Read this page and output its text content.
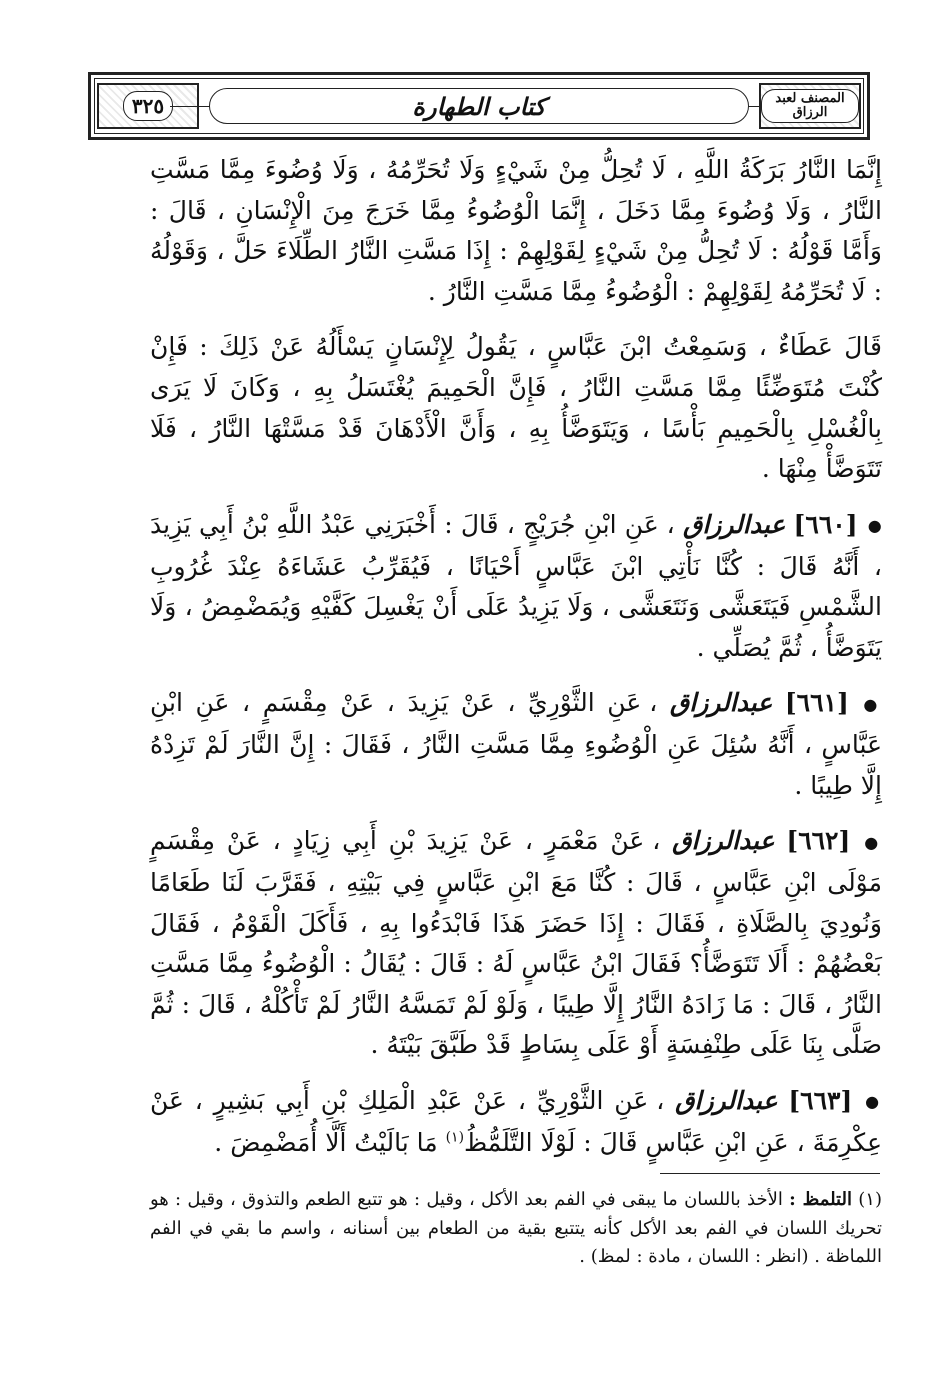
٣٢٥	كتاب الطهارة	المصنف لعبد الرزاق

إِنَّمَا النَّارُ بَرَكَةُ اللَّهِ ، لَا تُحِلُّ مِنْ شَيْءٍ وَلَا تُحَرِّمُهُ ، وَلَا وُضُوءَ مِمَّا مَسَّتِ النَّارُ ، وَلَا وُضُوءَ مِمَّا دَخَلَ ، إِنَّمَا الْوُضُوءُ مِمَّا خَرَجَ مِنَ الْإِنْسَانِ ، قَالَ : وَأَمَّا قَوْلُهُ : لَا تُحِلُّ مِنْ شَيْءٍ لِقَوْلِهِمْ : إِذَا مَسَّتِ النَّارُ الطِّلَاءَ حَلَّ ، وَقَوْلُهُ : لَا تُحَرِّمُهُ لِقَوْلِهِمْ : الْوُضُوءُ مِمَّا مَسَّتِ النَّارُ .

قَالَ عَطَاءٌ ، وَسَمِعْتُ ابْنَ عَبَّاسٍ ، يَقُولُ لِإِنْسَانٍ يَسْأَلُهُ عَنْ ذَلِكَ : فَإِنْ كُنْتَ مُتَوَضِّئًا مِمَّا مَسَّتِ النَّارُ ، فَإِنَّ الْحَمِيمَ يُغْتَسَلُ بِهِ ، وَكَانَ لَا يَرَى بِالْغُسْلِ بِالْحَمِيمِ بَأْسًا ، وَيَتَوَضَّأُ بِهِ ، وَأَنَّ الْأَدْهَانَ قَدْ مَسَّتْهَا النَّارُ ، فَلَا تَتَوَضَّأْ مِنْهَا .

● [٦٦٠] عبدالرزاق ، عَنِ ابْنِ جُرَيْجٍ ، قَالَ : أَخْبَرَنِي عَبْدُ اللَّهِ بْنُ أَبِي يَزِيدَ ، أَنَّهُ قَالَ : كُنَّا نَأْتِي ابْنَ عَبَّاسٍ أَحْيَانًا ، فَيُقَرِّبُ عَشَاءَهُ عِنْدَ غُرُوبِ الشَّمْسِ فَيَتَعَشَّى وَنَتَعَشَّى ، وَلَا يَزِيدُ عَلَى أَنْ يَغْسِلَ كَفَّيْهِ وَيُمَضْمِضُ ، وَلَا يَتَوَضَّأُ ، ثُمَّ يُصَلِّي .

● [٦٦١] عبدالرزاق ، عَنِ الثَّوْرِيِّ ، عَنْ يَزِيدَ ، عَنْ مِقْسَمٍ ، عَنِ ابْنِ عَبَّاسٍ ، أَنَّهُ سُئِلَ عَنِ الْوُضُوءِ مِمَّا مَسَّتِ النَّارُ ، فَقَالَ : إِنَّ النَّارَ لَمْ تَزِدْهُ إِلَّا طِيبًا .

● [٦٦٢] عبدالرزاق ، عَنْ مَعْمَرٍ ، عَنْ يَزِيدَ بْنِ أَبِي زِيَادٍ ، عَنْ مِقْسَمٍ مَوْلَى ابْنِ عَبَّاسٍ ، قَالَ : كُنَّا مَعَ ابْنِ عَبَّاسٍ فِي بَيْتِهِ ، فَقَرَّبَ لَنَا طَعَامًا وَنُودِيَ بِالصَّلَاةِ ، فَقَالَ : إِذَا حَضَرَ هَذَا فَابْدَءُوا بِهِ ، فَأَكَلَ الْقَوْمُ ، فَقَالَ بَعْضُهُمْ : أَلَا تَتَوَضَّأُ؟ فَقَالَ ابْنُ عَبَّاسٍ لَهُ : قَالَ : يُقَالُ : الْوُضُوءُ مِمَّا مَسَّتِ النَّارُ ، قَالَ : مَا زَادَهُ النَّارُ إِلَّا طِيبًا ، وَلَوْ لَمْ تَمَسَّهُ النَّارُ لَمْ تَأْكُلْهُ ، قَالَ : ثُمَّ صَلَّى بِنَا عَلَى طِنْفِسَةٍ أَوْ عَلَى بِسَاطٍ قَدْ طَبَّقَ بَيْتَهُ .

● [٦٦٣] عبدالرزاق ، عَنِ الثَّوْرِيِّ ، عَنْ عَبْدِ الْمَلِكِ بْنِ أَبِي بَشِيرٍ ، عَنْ عِكْرِمَةَ ، عَنِ ابْنِ عَبَّاسٍ قَالَ : لَوْلَا التَّلَمُّظُ$^{(١)}$ مَا بَالَيْتُ أَلَّا أُمَضْمِضَ .

(١) التلمظ : الأخذ باللسان ما يبقى في الفم بعد الأكل ، وقيل : هو تتبع الطعم والتذوق ، وقيل : هو تحريك اللسان في الفم بعد الأكل كأنه يتتبع بقية من الطعام بين أسنانه ، واسم ما بقي في الفم اللماظة . (انظر : اللسان ، مادة : لمظ) .
